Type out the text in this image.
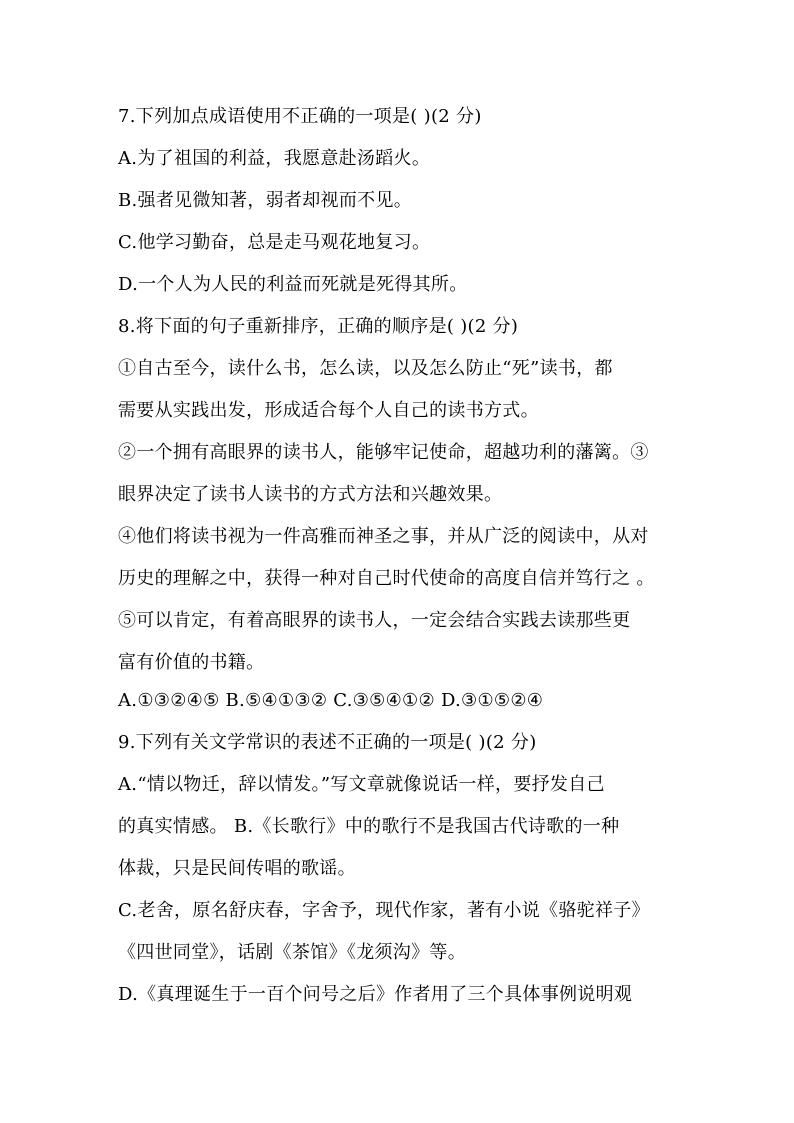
7.下列加点成语使用不正确的一项是( )(2 分)
A.为了祖国的利益，我愿意赴汤蹈火。
B.强者见微知著，弱者却视而不见。
C.他学习勤奋，总是走马观花地复习。
D.一个人为人民的利益而死就是死得其所。
8.将下面的句子重新排序，正确的顺序是( )(2 分)
①自古至今，读什么书，怎么读，以及怎么防止“死”读书，都
需要从实践出发，形成适合每个人自己的读书方式。
②一个拥有高眼界的读书人，能够牢记使命，超越功利的藩篱。③
眼界决定了读书人读书的方式方法和兴趣效果。
④他们将读书视为一件高雅而神圣之事，并从广泛的阅读中，从对
历史的理解之中，获得一种对自己时代使命的高度自信并笃行之 。
⑤可以肯定，有着高眼界的读书人，一定会结合实践去读那些更
富有价值的书籍。
A.①③②④⑤ B.⑤④①③② C.③⑤④①② D.③①⑤②④
9.下列有关文学常识的表述不正确的一项是( )(2 分)
A.“情以物迁，辞以情发。”写文章就像说话一样，要抒发自己
的真实情感。 B.《长歌行》中的歌行不是我国古代诗歌的一种
体裁，只是民间传唱的歌谣。
C.老舍，原名舒庆春，字舍予，现代作家，著有小说《骆驼祥子》
《四世同堂》，话剧《茶馆》《龙须沟》等。
D.《真理诞生于一百个问号之后》作者用了三个具体事例说明观
